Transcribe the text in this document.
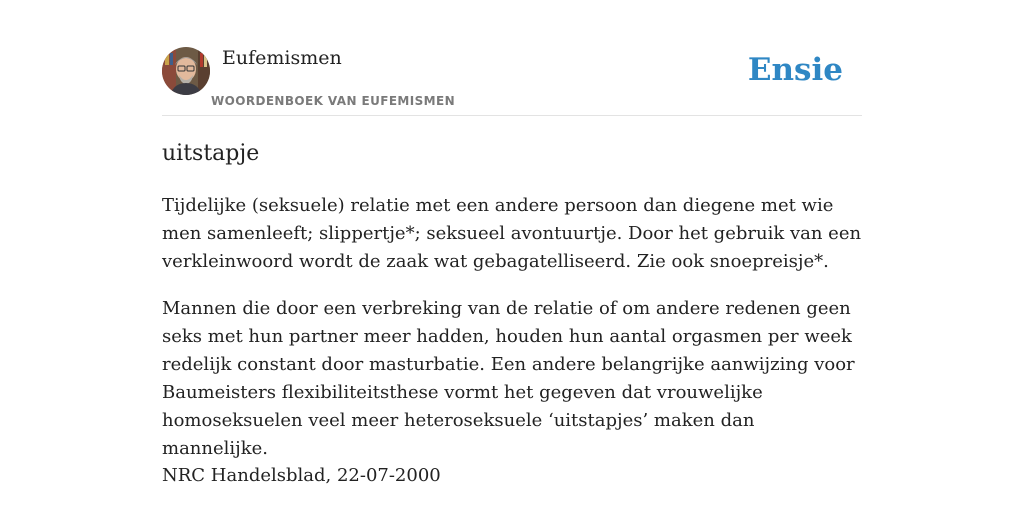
Eufemismen
WOORDENBOEK VAN EUFEMISMEN
Ensie
uitstapje

Tijdelijke (seksuele) relatie met een andere persoon dan diegene met wie men samenleeft; slippertje*; seksueel avontuurtje. Door het gebruik van een verkleinwoord wordt de zaak wat gebagatelliseerd. Zie ook snoepreisje*.

Mannen die door een verbreking van de relatie of om andere redenen geen seks met hun partner meer hadden, houden hun aantal orgasmen per week redelijk constant door masturbatie. Een andere belangrijke aanwijzing voor Baumeisters flexibiliteitsthese vormt het gegeven dat vrouwelijke homoseksuelen veel meer heteroseksuele ‘uitstapjes’ maken dan mannelijke.

NRC Handelsblad, 22-07-2000
